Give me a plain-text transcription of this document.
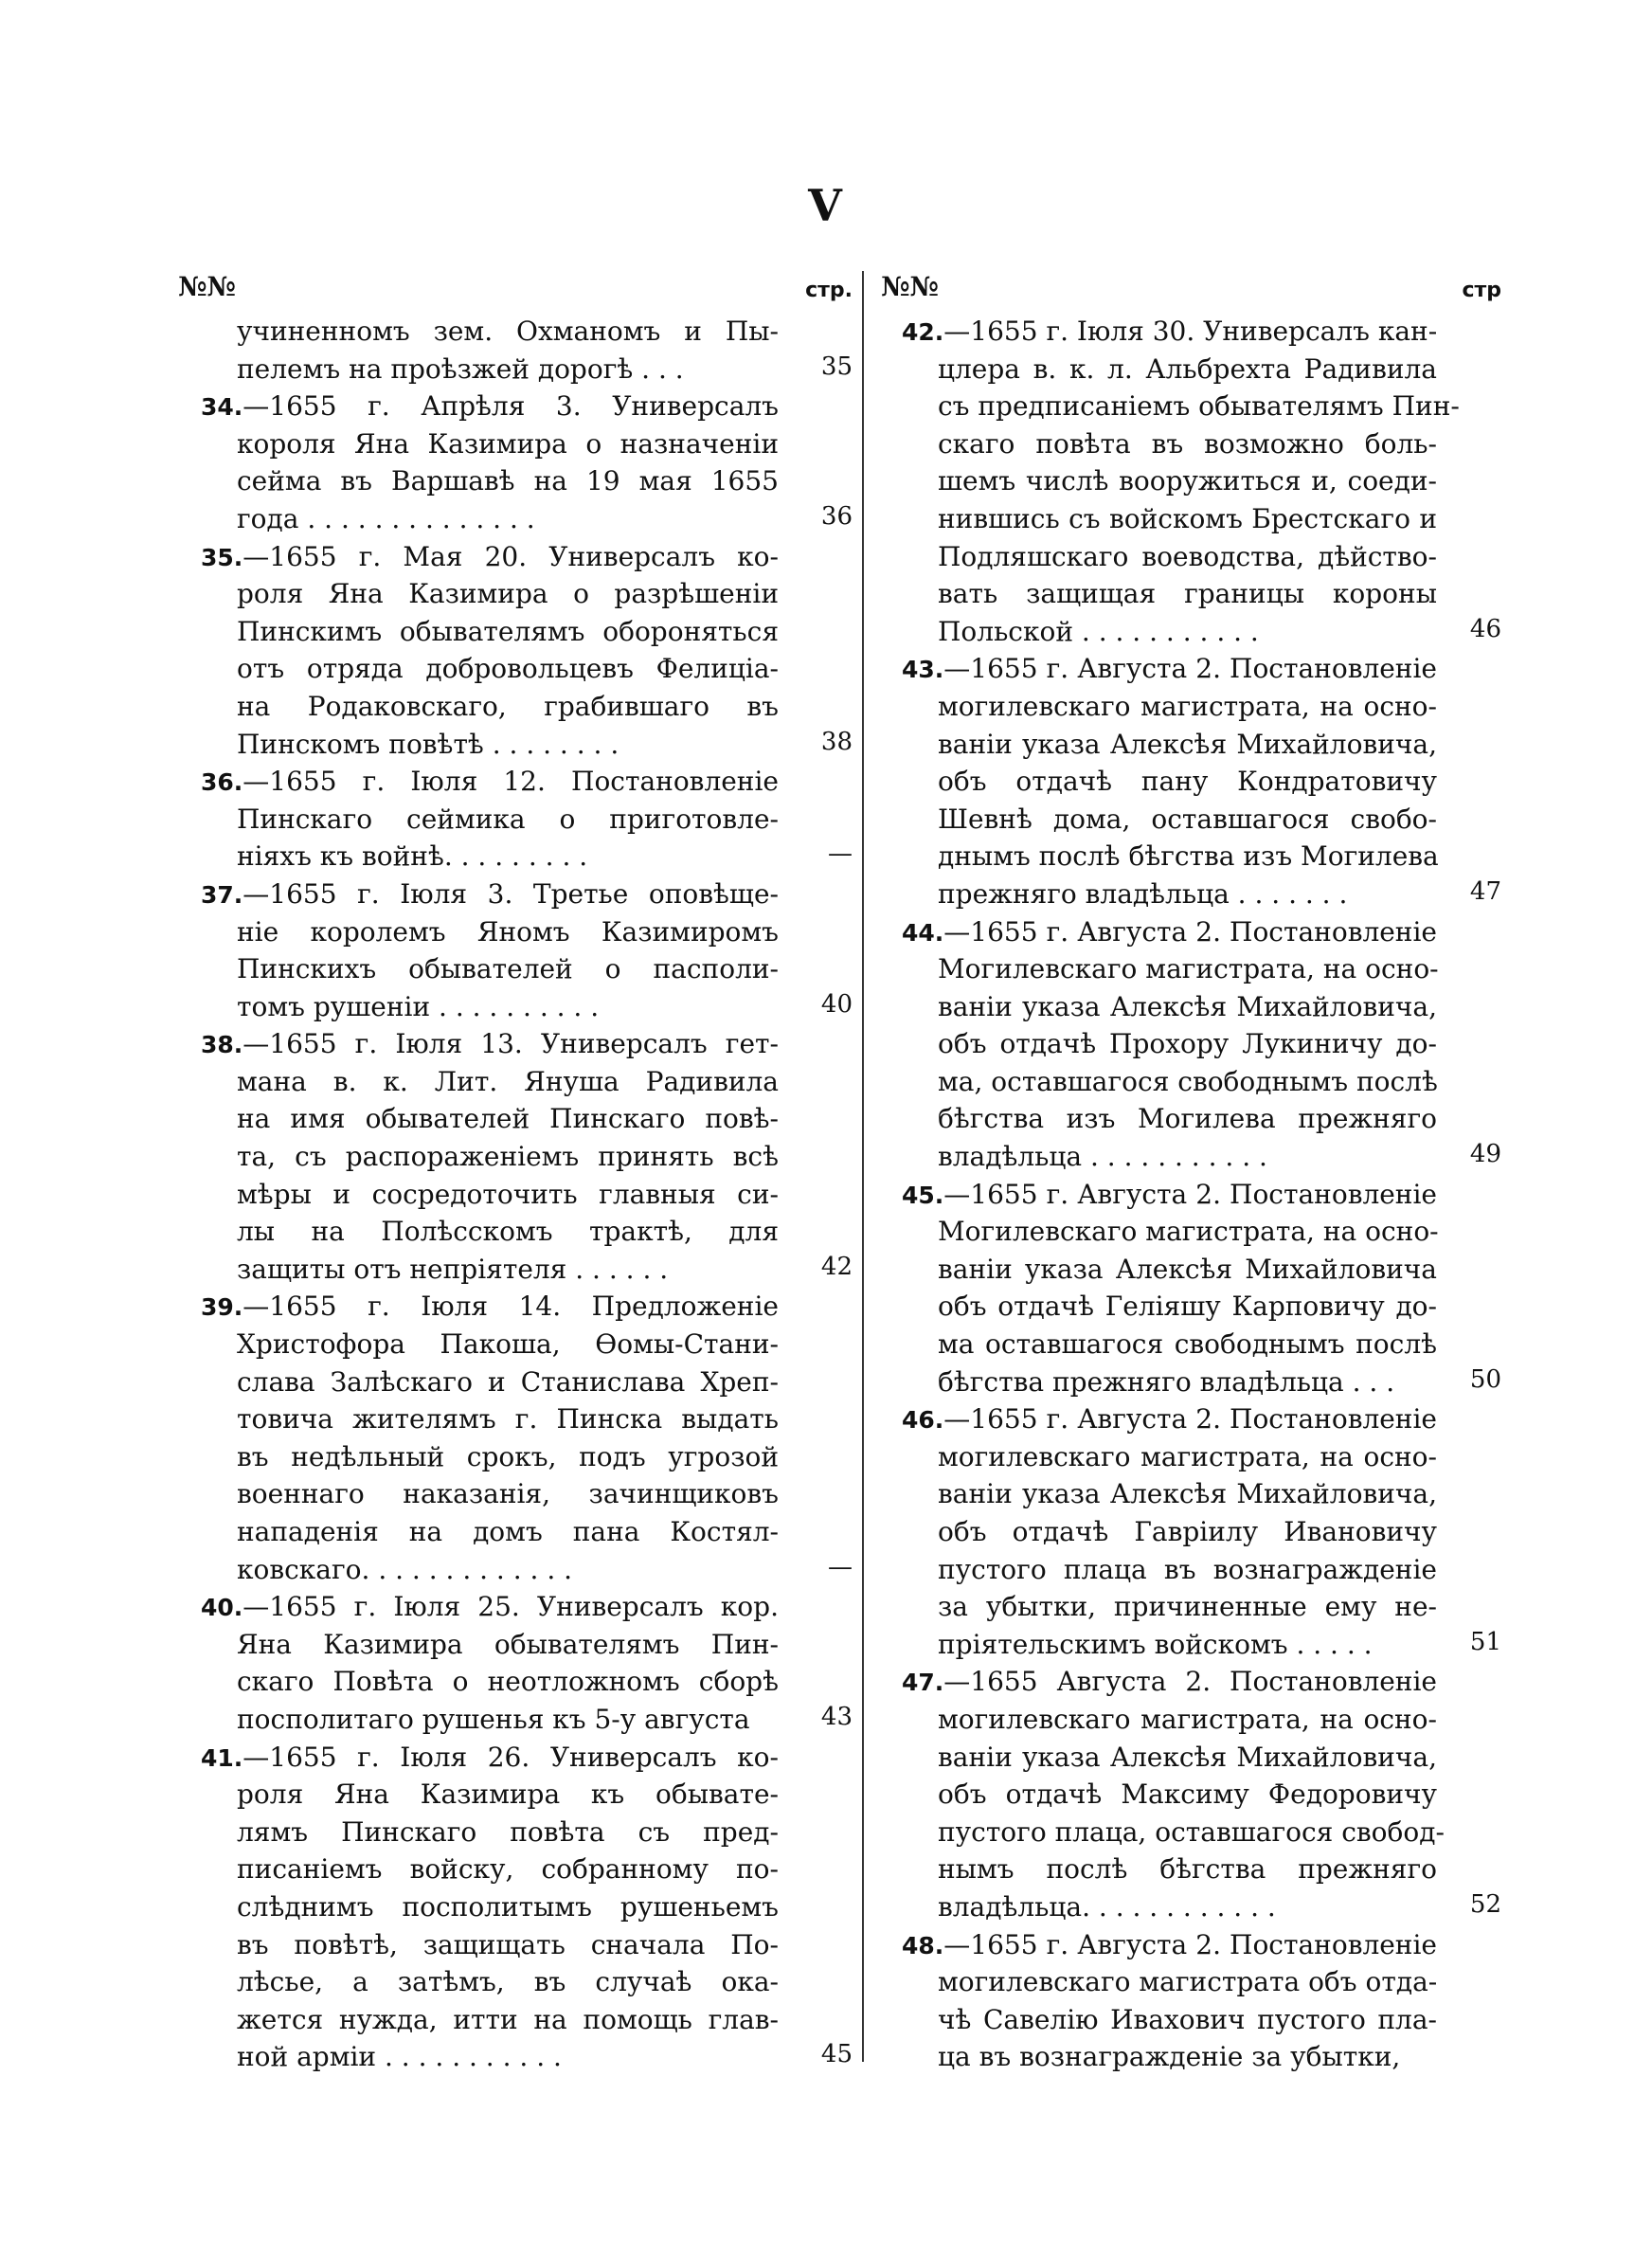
V
№№	стр.
учиненномъ зем. Охманомъ и Пы-
пелемъ на проѣзжей дорогѣ . . .	35
34.—1655 г. Апрѣля 3. Универсалъ
короля Яна Казимира о назначеніи
сейма въ Варшавѣ на 19 мая 1655
года . . . . . . . . . . . . . .	36
35.—1655 г. Мая 20. Универсалъ ко-
роля Яна Казимира о разрѣшеніи
Пинскимъ обывателямъ обороняться
отъ отряда добровольцевъ Фелиціа-
на Родаковскаго, грабившаго въ
Пинскомъ повѣтѣ . . . . . . . .	38
36.—1655 г. Іюля 12. Постановленіе
Пинскаго сеймика о приготовле-
ніяхъ къ войнѣ. . . . . . . . .	—
37.—1655 г. Іюля 3. Третье оповѣще-
ніе королемъ Яномъ Казимиромъ
Пинскихъ обывателей о пасполи-
томъ рушеніи . . . . . . . . . .	40
38.—1655 г. Іюля 13. Универсалъ гет-
мана в. к. Лит. Януша Радивила
на имя обывателей Пинскаго повѣ-
та, съ распораженіемъ принять всѣ
мѣры и сосредоточить главныя си-
лы на Полѣсскомъ трактѣ, для
защиты отъ непріятеля . . . . . .	42
39.—1655 г. Іюля 14. Предложеніе
Христофора Пакоша, Ѳомы-Стани-
слава Залѣскаго и Станислава Хреп-
товича жителямъ г. Пинска выдать
въ недѣльный срокъ, подъ угрозой
военнаго наказанія, зачинщиковъ
нападенія на домъ пана Костял-
ковскаго. . . . . . . . . . . . .	—
40.—1655 г. Іюля 25. Универсалъ кор.
Яна Казимира обывателямъ Пин-
скаго Повѣта о неотложномъ сборѣ
посполитаго рушенья къ 5-у августа	43
41.—1655 г. Іюля 26. Универсалъ ко-
роля Яна Казимира къ обывате-
лямъ Пинскаго повѣта съ пред-
писаніемъ войску, собранному по-
слѣднимъ посполитымъ рушеньемъ
въ повѣтѣ, защищать сначала По-
лѣсье, а затѣмъ, въ случаѣ ока-
жется нужда, итти на помощь глав-
ной арміи . . . . . . . . . . .	45
№№	стр
42.—1655 г. Іюля 30. Универсалъ кан-
цлера в. к. л. Альбрехта Радивила
съ предписаніемъ обывателямъ Пин-
скаго повѣта въ возможно боль-
шемъ числѣ вооружиться и, соеди-
нившись съ войскомъ Брестскаго и
Подляшскаго воеводства, дѣйство-
вать защищая границы короны
Польской . . . . . . . . . . .	46
43.—1655 г. Августа 2. Постановленіе
могилевскаго магистрата, на осно-
ваніи указа Алексѣя Михайловича,
объ отдачѣ пану Кондратовичу
Шевнѣ дома, оставшагося свобо-
днымъ послѣ бѣгства изъ Могилева
прежняго владѣльца . . . . . . .	47
44.—1655 г. Августа 2. Постановленіе
Могилевскаго магистрата, на осно-
ваніи указа Алексѣя Михайловича,
объ отдачѣ Прохору Лукиничу до-
ма, оставшагося свободнымъ послѣ
бѣгства изъ Могилева прежняго
владѣльца . . . . . . . . . . .	49
45.—1655 г. Августа 2. Постановленіе
Могилевскаго магистрата, на осно-
ваніи указа Алексѣя Михайловича
объ отдачѣ Геліяшу Карповичу до-
ма оставшагося свободнымъ послѣ
бѣгства прежняго владѣльца . . .	50
46.—1655 г. Августа 2. Постановленіе
могилевскаго магистрата, на осно-
ваніи указа Алексѣя Михайловича,
объ отдачѣ Гавріилу Ивановичу
пустого плаца въ вознагражденіе
за убытки, причиненные ему не-
пріятельскимъ войскомъ . . . . .	51
47.—1655 Августа 2. Постановленіе
могилевскаго магистрата, на осно-
ваніи указа Алексѣя Михайловича,
объ отдачѣ Максиму Федоровичу
пустого плаца, оставшагося свобод-
нымъ послѣ бѣгства прежняго
владѣльца. . . . . . . . . . . .	52
48.—1655 г. Августа 2. Постановленіе
могилевскаго магистрата объ отда-
чѣ Савелію Ивахович пустого пла-
ца въ вознагражденіе за убытки,
